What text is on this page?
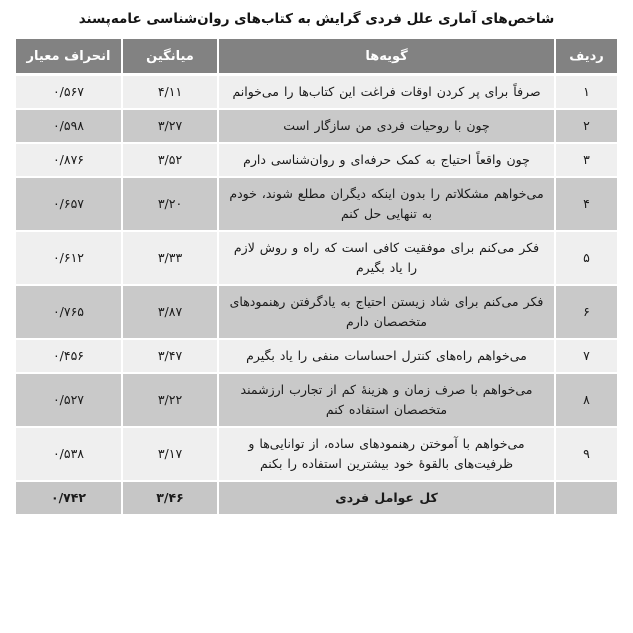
شاخص‌های آماری علل فردی گرایش به کتاب‌های روان‌شناسی عامه‌پسند
ردیف	گویه‌ها	میانگین	انحراف معیار
۱	صرفاً برای پر کردن اوقات فراغت این کتاب‌ها را می‌خوانم	۴/۱۱	۰/۵۶۷
۲	چون با روحیات فردی من سازگار است	۳/۲۷	۰/۵۹۸
۳	چون واقعاً احتیاج به کمک حرفه‌ای و روان‌شناسی دارم	۳/۵۲	۰/۸۷۶
۴	می‌خواهم مشکلاتم را بدون اینکه دیگران مطلع شوند، خودم به تنهایی حل کنم	۳/۲۰	۰/۶۵۷
۵	فکر می‌کنم برای موفقیت کافی است که راه و روش لازم را یاد بگیرم	۳/۳۳	۰/۶۱۲
۶	فکر می‌کنم برای شاد زیستن احتیاج به یادگرفتن رهنمودهای متخصصان دارم	۳/۸۷	۰/۷۶۵
۷	می‌خواهم راه‌های کنترل احساسات منفی را یاد بگیرم	۳/۴۷	۰/۴۵۶
۸	می‌خواهم با صرف زمان و هزینهٔ کم از تجارب ارزشمند متخصصان استفاده کنم	۳/۲۲	۰/۵۲۷
۹	می‌خواهم با آموختن رهنمودهای ساده، از توانایی‌ها و ظرفیت‌های بالقوهٔ خود بیشترین استفاده را بکنم	۳/۱۷	۰/۵۳۸
	کل عوامل فردی	۳/۴۶	۰/۷۴۲
